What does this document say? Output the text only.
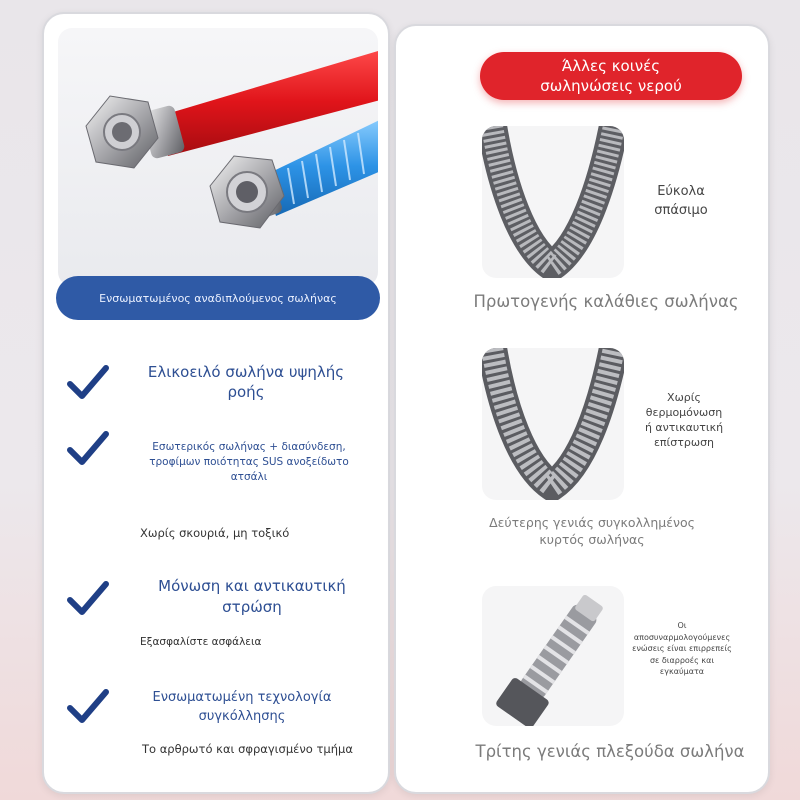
Ενσωματωμένος αναδιπλούμενος σωλήνας
Ελικοειλό σωλήνα υψηλής ροής
Εσωτερικός σωλήνας + διασύνδεση, τροφίμων ποιότητας SUS ανοξείδωτο ατσάλι
Χωρίς σκουριά, μη τοξικό
Μόνωση και αντικαυτική στρώση
Εξασφαλίστε ασφάλεια
Ενσωματωμένη τεχνολογία συγκόλλησης
Το αρθρωτό και σφραγισμένο τμήμα
Άλλες κοινές
σωληνώσεις νερού
Εύκολα
σπάσιμο
Πρωτογενής καλάθιες σωλήνας
Χωρίς
θερμομόνωση
ή αντικαυτική
επίστρωση
Δεύτερης γενιάς συγκολλημένος
κυρτός σωλήνας
Οι
αποσυναρμολογούμενες
ενώσεις είναι επιρρεπείς
σε διαρροές και
εγκαύματα
Τρίτης γενιάς πλεξούδα σωλήνα
